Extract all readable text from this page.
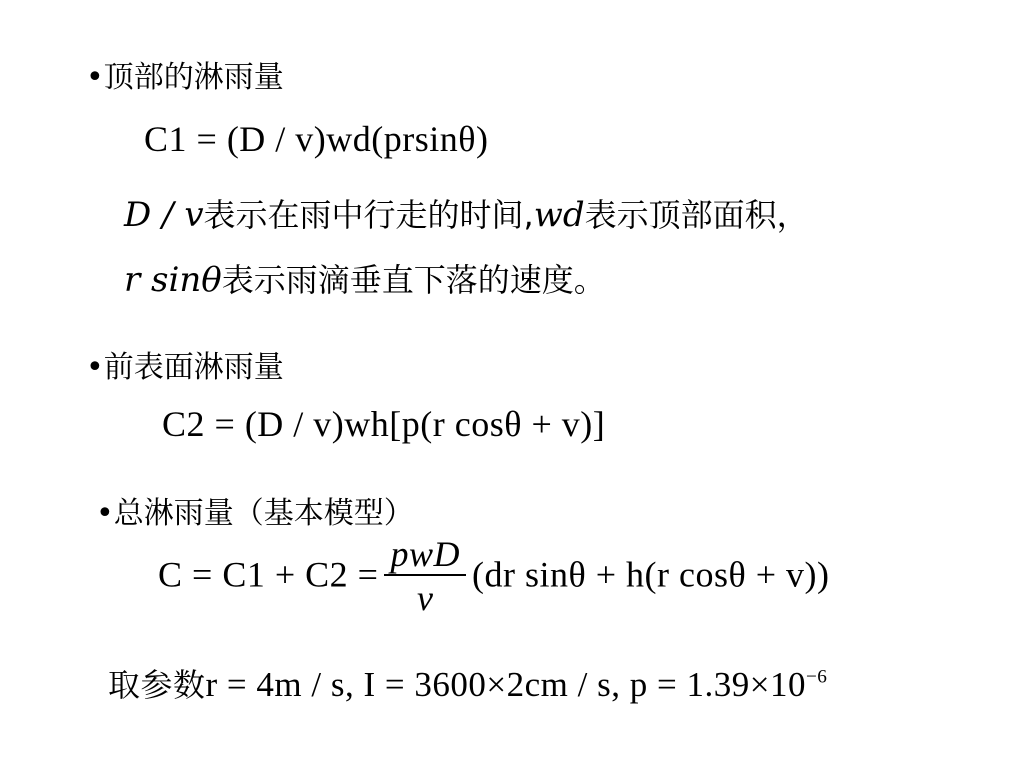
•顶部的淋雨量
C1 = (D / v)wd(prsinθ)
D / v表示在雨中行走的时间,wd表示顶部面积，
r sinθ表示雨滴垂直下落的速度。
•前表面淋雨量
C2 = (D / v)wh[p(r cosθ + v)]
•总淋雨量（基本模型）
$C = C1 + C2 = \frac{\text{pwD}}{v} (dr$ sinθ + h(r cosθ + v))
取参数r = 4m / s, I = 3600×2cm / s, $p = 1.39\times 10^{-6}$
